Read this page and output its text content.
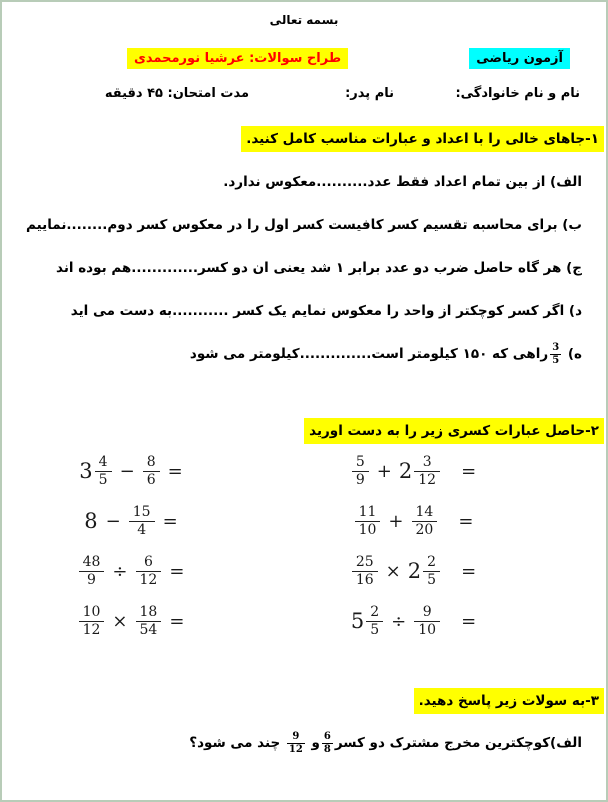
بسمه تعالی
آزمون ریاضی
طراح سوالات: عرشیا نورمحمدی
نام و نام خانوادگی:
نام پدر:
مدت امتحان: ۴۵ دقیقه
۱-جاهای خالی را با اعداد و عبارات مناسب کامل کنید.
الف) از بین تمام اعداد فقط عدد..........معکوس ندارد.
ب) برای محاسبه تقسیم کسر کافیست کسر اول را در معکوس کسر دوم........نماییم
ج) هر گاه حاصل ضرب دو عدد برابر ۱ شد یعنی ان دو کسر.............هم بوده اند
د) اگر کسر کوچکتر از واحد را معکوس نمایم یک کسر ...........به دست می اید
ه)
$\frac{3}{5}$
راهی که ۱۵۰ کیلومتر است..............کیلومتر می شود
۲-حاصل عبارات کسری زیر را به دست اورید
$3 \frac{4}{5} - \frac{8}{6}$ =	$\frac{5}{9} + 2 \frac{3}{12}$ =
$8 - \frac{15}{4}$ =	$\frac{11}{10} + \frac{14}{20}$ =
$\frac{48}{9} \div \frac{6}{12}$ =	$\frac{25}{16} \times 2 \frac{2}{5}$ =
$\frac{10}{12} \times \frac{18}{54}$ =	$5 \frac{2}{5} \div \frac{9}{10}$ =
۳-به سولات زیر پاسخ دهید.
الف)کوچکترین مخرج مشترک دو کسر
$\frac{6}{8}$
و
$\frac{9}{12}$
چند می شود؟
